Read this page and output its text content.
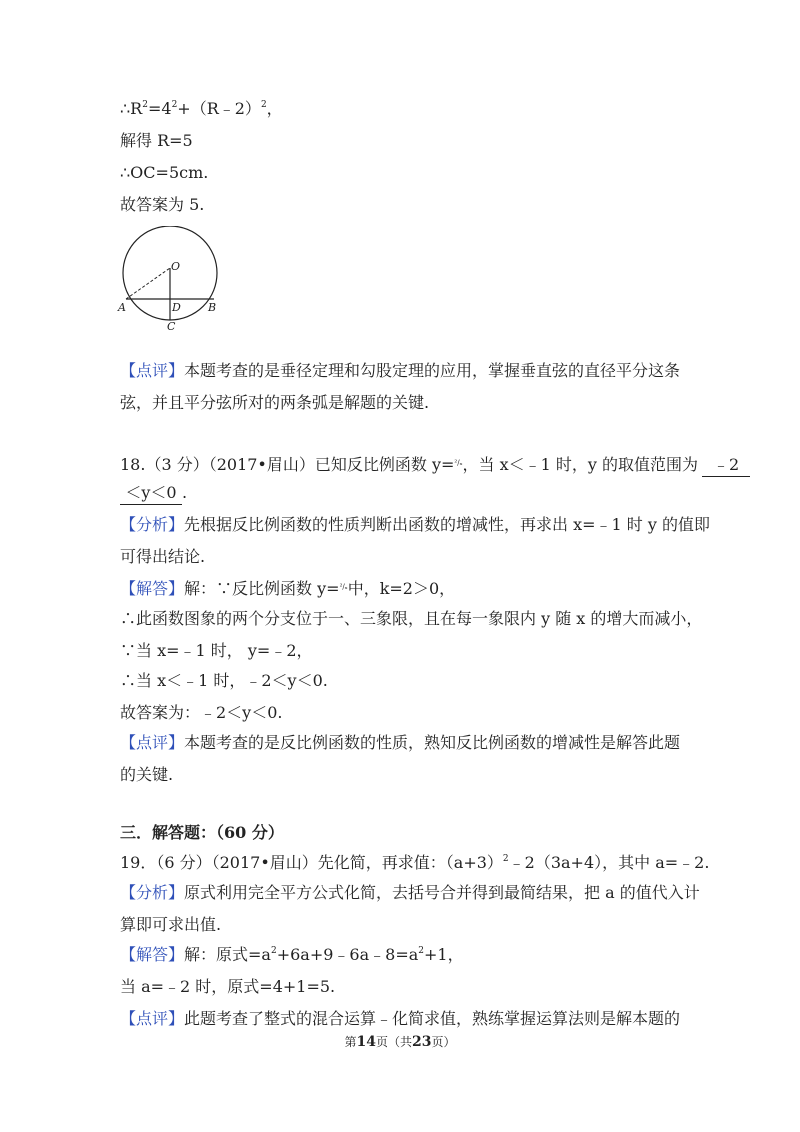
$\therefore R^2=4^2+(R﹣2)^2$，
解得 R=5
∴OC=5cm.
故答案为 5.
O
A	D B
C
【点评】本题考查的是垂径定理和勾股定理的应用，掌握垂直弦的直径平分这条
弦，并且平分弦所对的两条弧是解题的关键.
18.（3 分）（2017•眉山）已知反比例函数 y=$^{^2/_x}$，当 x＜﹣1 时，y 的取值范围为 ﹣2
＜y＜0 .
【分析】先根据反比例函数的性质判断出函数的增减性，再求出 x=﹣1 时 y 的值即
可得出结论.
【解答】解：∵反比例函数 y=$^{^2/_x}$中，k=2＞0，
∴此函数图象的两个分支位于一、三象限，且在每一象限内 y 随 x 的增大而减小，
∵当 x=﹣1 时， y=﹣2，
∴当 x＜﹣1 时，﹣2＜y＜0.
故答案为：﹣2＜y＜0.
【点评】本题考查的是反比例函数的性质，熟知反比例函数的增减性是解答此题
的关键.
三．解答题：（60 分）
19．（6 分）（2017•眉山）先化简，再求值：$(a+3)^2﹣2(3a+4)$，其中 a=﹣2.
【分析】原式利用完全平方公式化简，去括号合并得到最简结果，把 a 的值代入计
算即可求出值.
【解答】解：原式$=a^2+6a+9﹣6a﹣8=a^2+1$，
当 a=﹣2 时，原式=4+1=5.
【点评】此题考查了整式的混合运算﹣化简求值，熟练掌握运算法则是解本题的
第14页（共23页）
